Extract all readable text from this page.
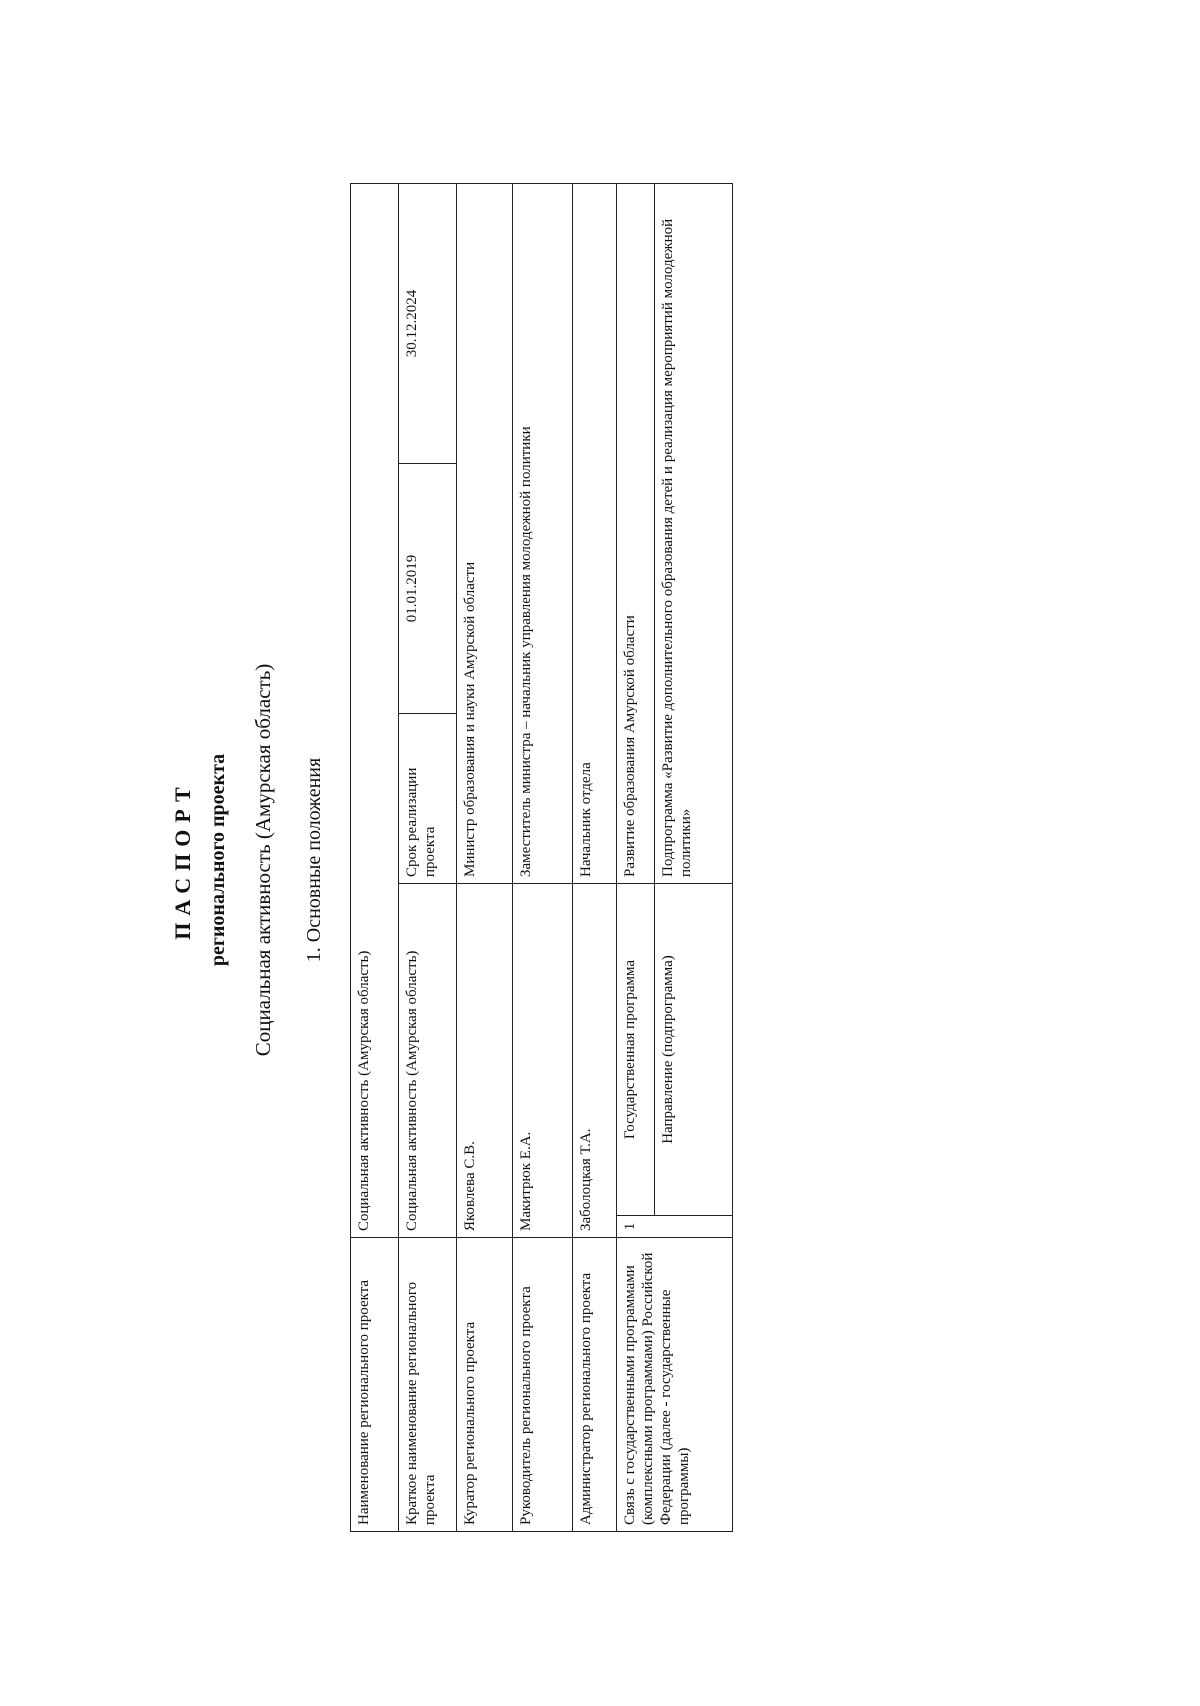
ПАСПОРТ регионального проекта Социальная активность (Амурская область) 1. Основные положения
Наименование регионального проекта	Социальная активность (Амурская область)				
Краткое наименование регионального проекта	Социальная активность (Амурская область)		Срок реализации проекта	01.01.2019	30.12.2024
Куратор регионального проекта	Яковлева С.В.		Министр образования и науки Амурской области		
Руководитель регионального проекта	Макитрюк Е.А.		Заместитель министра – начальник управления молодежной политики		
Администратор регионального проекта	Заболоцкая Т.А.		Начальник отдела		
Связь с государственными программами (комплексными программами) Российской Федерации (далее - государственные программы)	1	Государственная программа	Развитие образования Амурской области		
		Направление (подпрограмма)	Подпрограмма «Развитие дополнительного образования детей и реализация мероприятий молодежной политики»		
